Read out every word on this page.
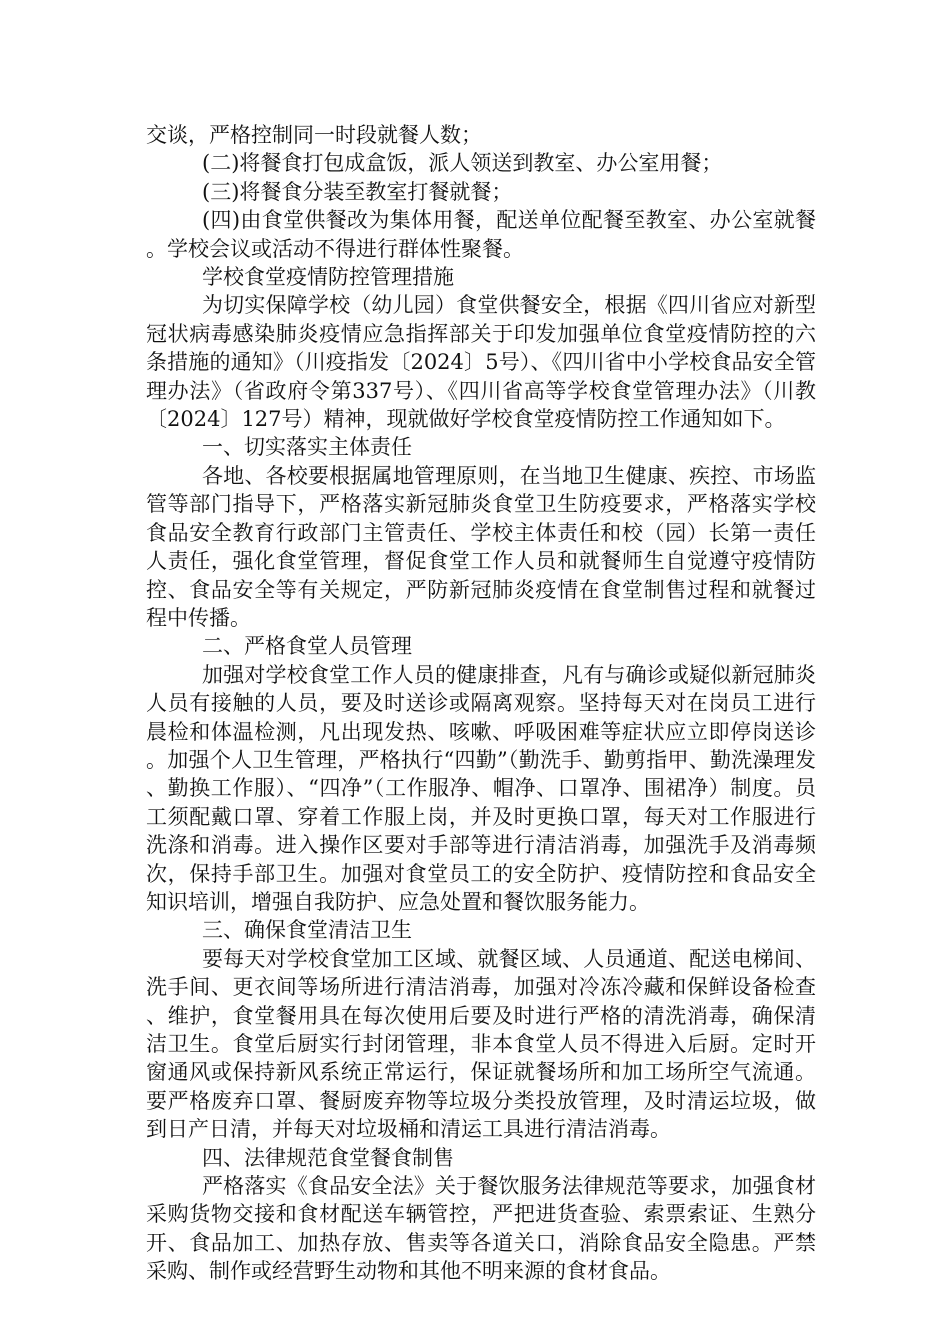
交谈，严格控制同一时段就餐人数；

(二)将餐食打包成盒饭，派人领送到教室、办公室用餐；

(三)将餐食分装至教室打餐就餐；

(四)由食堂供餐改为集体用餐，配送单位配餐至教室、办公室就餐。学校会议或活动不得进行群体性聚餐。

学校食堂疫情防控管理措施

为切实保障学校（幼儿园）食堂供餐安全，根据《四川省应对新型冠状病毒感染肺炎疫情应急指挥部关于印发加强单位食堂疫情防控的六条措施的通知》（川疫指发〔2024〕5号）、《四川省中小学校食品安全管理办法》（省政府令第337号）、《四川省高等学校食堂管理办法》（川教〔2024〕127号）精神，现就做好学校食堂疫情防控工作通知如下。

一、切实落实主体责任

各地、各校要根据属地管理原则，在当地卫生健康、疾控、市场监管等部门指导下，严格落实新冠肺炎食堂卫生防疫要求，严格落实学校食品安全教育行政部门主管责任、学校主体责任和校（园）长第一责任人责任，强化食堂管理，督促食堂工作人员和就餐师生自觉遵守疫情防控、食品安全等有关规定，严防新冠肺炎疫情在食堂制售过程和就餐过程中传播。

二、严格食堂人员管理

加强对学校食堂工作人员的健康排查，凡有与确诊或疑似新冠肺炎人员有接触的人员，要及时送诊或隔离观察。坚持每天对在岗员工进行晨检和体温检测，凡出现发热、咳嗽、呼吸困难等症状应立即停岗送诊。加强个人卫生管理，严格执行“四勤”（勤洗手、勤剪指甲、勤洗澡理发、勤换工作服）、“四净”（工作服净、帽净、口罩净、围裙净）制度。员工须配戴口罩、穿着工作服上岗，并及时更换口罩，每天对工作服进行洗涤和消毒。进入操作区要对手部等进行清洁消毒，加强洗手及消毒频次，保持手部卫生。加强对食堂员工的安全防护、疫情防控和食品安全知识培训，增强自我防护、应急处置和餐饮服务能力。

三、确保食堂清洁卫生

要每天对学校食堂加工区域、就餐区域、人员通道、配送电梯间、洗手间、更衣间等场所进行清洁消毒，加强对冷冻冷藏和保鲜设备检查、维护，食堂餐用具在每次使用后要及时进行严格的清洗消毒，确保清洁卫生。食堂后厨实行封闭管理，非本食堂人员不得进入后厨。定时开窗通风或保持新风系统正常运行，保证就餐场所和加工场所空气流通。要严格废弃口罩、餐厨废弃物等垃圾分类投放管理，及时清运垃圾，做到日产日清，并每天对垃圾桶和清运工具进行清洁消毒。

四、法律规范食堂餐食制售

严格落实《食品安全法》关于餐饮服务法律规范等要求，加强食材采购货物交接和食材配送车辆管控，严把进货查验、索票索证、生熟分开、食品加工、加热存放、售卖等各道关口，消除食品安全隐患。严禁采购、制作或经营野生动物和其他不明来源的食材食品。
